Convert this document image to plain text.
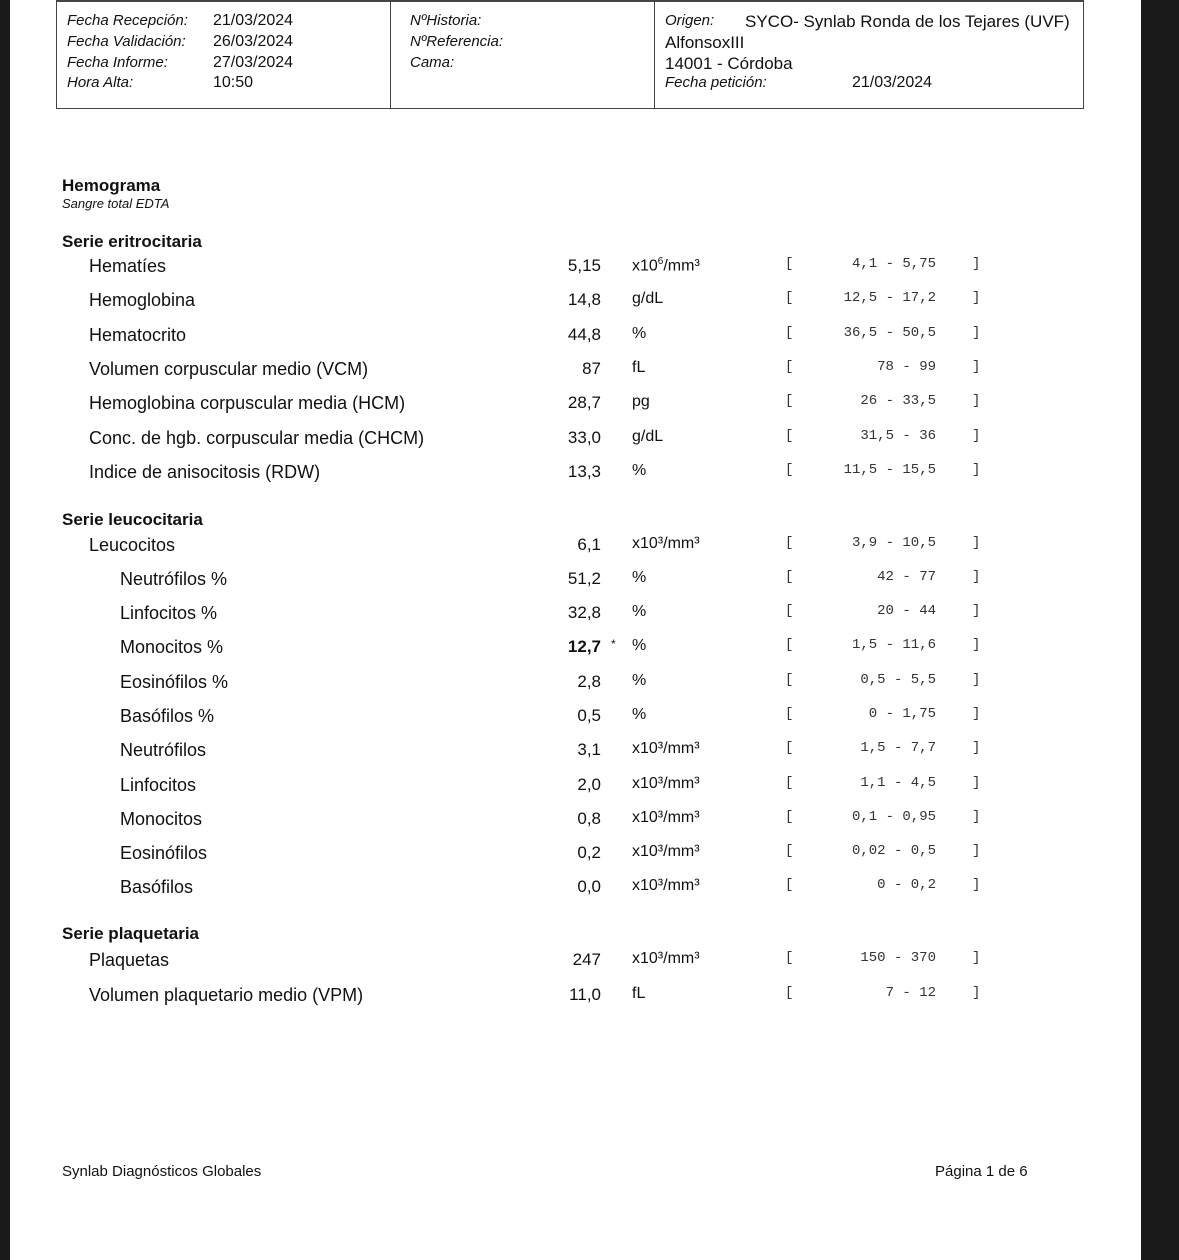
Fecha Recepción: 21/03/2024
Fecha Validación: 26/03/2024
Fecha Informe:	27/03/2024
Hora Alta:	10:50
NºHistoria:
NºReferencia:
Cama:
Origen: SYCO- Synlab Ronda de los Tejares (UVF)
AlfonsoxIII
14001 - Córdoba
Fecha petición:	21/03/2024
Hemograma
Sangre total EDTA
Serie eritrocitaria
Hematíes	5,15 $x10^6$/mm³	[	4,1 - 5,75	]
Hemoglobina	14,8 g/dL	[	12,5 - 17,2	]
Hematocrito	44,8 %	[	36,5 - 50,5	]
Volumen corpuscular medio (VCM)	87 fL	[	78 - 99	]
Hemoglobina corpuscular media (HCM)	28,7 pg	[	26 - 33,5	]
Conc. de hgb. corpuscular media (CHCM)	33,0 g/dL	[	31,5 - 36	]
Indice de anisocitosis (RDW)	13,3 %	[	11,5 - 15,5	]
Serie leucocitaria
Leucocitos	6,1 x10³/mm³	[	3,9 - 10,5	]
Neutrófilos %	51,2 %	[	42 - 77	]
Linfocitos %	32,8 %	[	20 - 44	]
Monocitos %	12,7 * %	[	1,5 - 11,6	]
Eosinófilos %	2,8 %	[	0,5 - 5,5	]
Basófilos %	0,5 %	[	0 - 1,75	]
Neutrófilos	3,1 x10³/mm³	[	1,5 - 7,7	]
Linfocitos	2,0 x10³/mm³	[	1,1 - 4,5	]
Monocitos	0,8 x10³/mm³	[	0,1 - 0,95	]
Eosinófilos	0,2 x10³/mm³	[	0,02 - 0,5	]
Basófilos	0,0 x10³/mm³	[	0 - 0,2	]
Serie plaquetaria
Plaquetas	247 x10³/mm³	[	150 - 370	]
Volumen plaquetario medio (VPM)	11,0 fL	[	7 - 12	]
Synlab Diagnósticos Globales	Página 1 de 6
